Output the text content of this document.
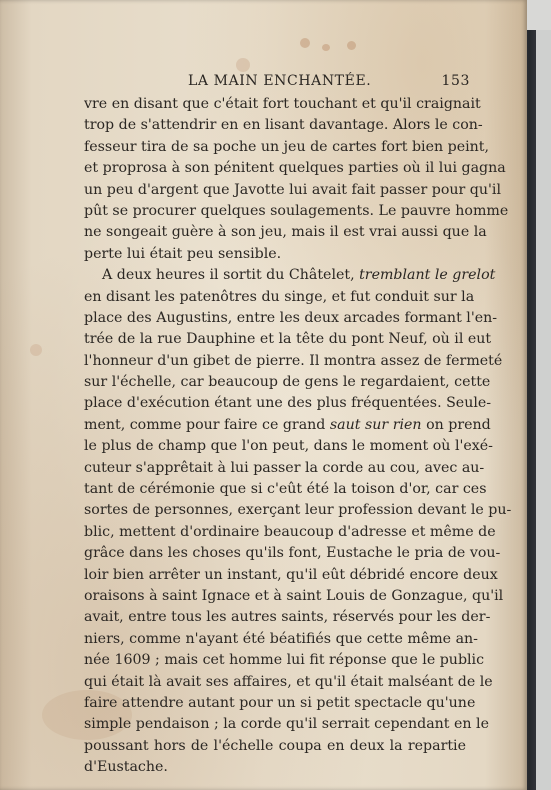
LA MAIN ENCHANTÉE.	153
vre en disant que c'était fort touchant et qu'il craignait
trop de s'attendrir en en lisant davantage. Alors le con-
fesseur tira de sa poche un jeu de cartes fort bien peint,
et proprosa à son pénitent quelques parties où il lui gagna
un peu d'argent que Javotte lui avait fait passer pour qu'il
pût se procurer quelques soulagements. Le pauvre homme
ne songeait guère à son jeu, mais il est vrai aussi que la
perte lui était peu sensible.
A deux heures il sortit du Châtelet, tremblant le grelot
en disant les patenôtres du singe, et fut conduit sur la
place des Augustins, entre les deux arcades formant l'en-
trée de la rue Dauphine et la tête du pont Neuf, où il eut
l'honneur d'un gibet de pierre. Il montra assez de fermeté
sur l'échelle, car beaucoup de gens le regardaient, cette
place d'exécution étant une des plus fréquentées. Seule-
ment, comme pour faire ce grand saut sur rien on prend
le plus de champ que l'on peut, dans le moment où l'exé-
cuteur s'apprêtait à lui passer la corde au cou, avec au-
tant de cérémonie que si c'eût été la toison d'or, car ces
sortes de personnes, exerçant leur profession devant le pu-
blic, mettent d'ordinaire beaucoup d'adresse et même de
grâce dans les choses qu'ils font, Eustache le pria de vou-
loir bien arrêter un instant, qu'il eût débridé encore deux
oraisons à saint Ignace et à saint Louis de Gonzague, qu'il
avait, entre tous les autres saints, réservés pour les der-
niers, comme n'ayant été béatifiés que cette même an-
née 1609 ; mais cet homme lui fit réponse que le public
qui était là avait ses affaires, et qu'il était malséant de le
faire attendre autant pour un si petit spectacle qu'une
simple pendaison ; la corde qu'il serrait cependant en le
poussant hors de l'échelle coupa en deux la repartie
d'Eustache.
